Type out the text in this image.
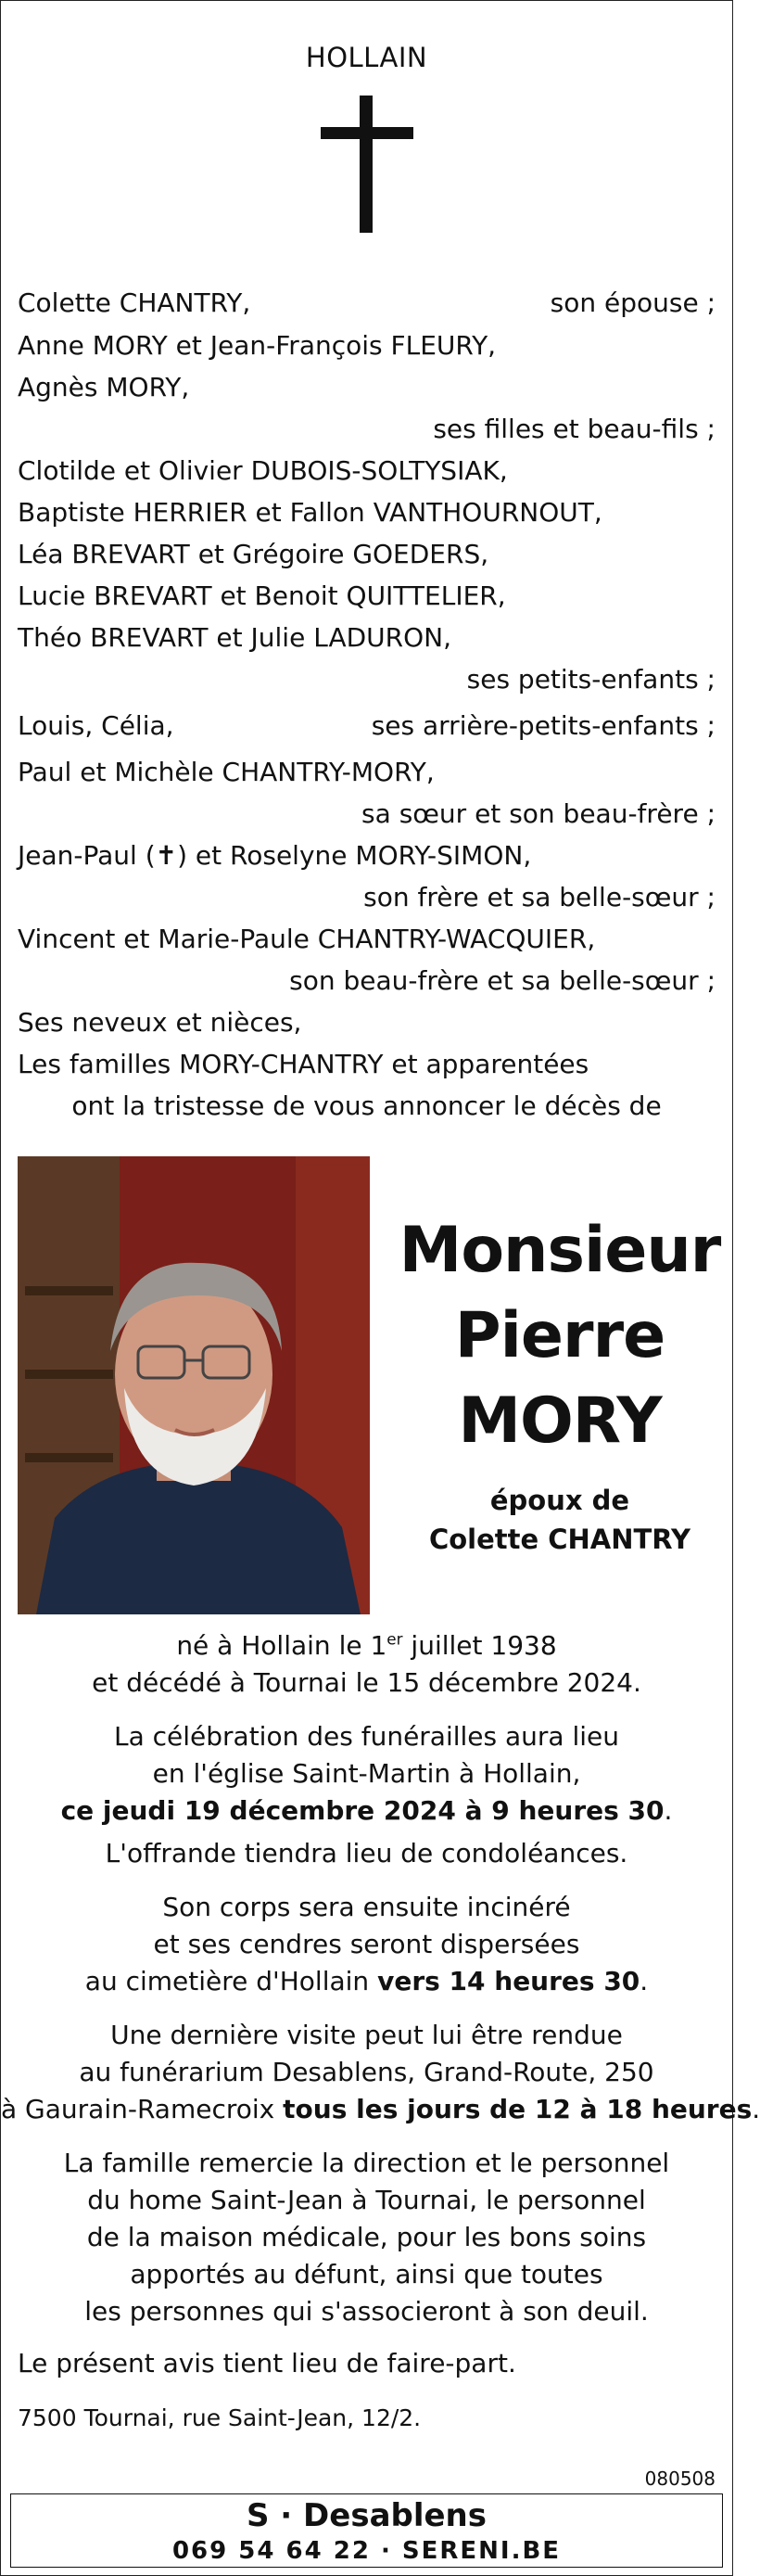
HOLLAIN
Colette CHANTRY,	son épouse ;
Anne MORY et Jean-François FLEURY,
Agnès MORY,
ses filles et beau-fils ;
Clotilde et Olivier DUBOIS-SOLTYSIAK,
Baptiste HERRIER et Fallon VANTHOURNOUT,
Léa BREVART et Grégoire GOEDERS,
Lucie BREVART et Benoit QUITTELIER,
Théo BREVART et Julie LADURON,
ses petits-enfants ;
Louis, Célia,	ses arrière-petits-enfants ;
Paul et Michèle CHANTRY-MORY,
sa sœur et son beau-frère ;
Jean-Paul (✝) et Roselyne MORY-SIMON,
son frère et sa belle-sœur ;
Vincent et Marie-Paule CHANTRY-WACQUIER,
son beau-frère et sa belle-sœur ;
Ses neveux et nièces,
Les familles MORY-CHANTRY et apparentées
ont la tristesse de vous annoncer le décès de
Monsieur
Pierre
MORY
époux de
Colette CHANTRY
né à Hollain le 1er juillet 1938
et décédé à Tournai le 15 décembre 2024.
La célébration des funérailles aura lieu
en l'église Saint-Martin à Hollain,
ce jeudi 19 décembre 2024 à 9 heures 30.
L'offrande tiendra lieu de condoléances.
Son corps sera ensuite incinéré
et ses cendres seront dispersées
au cimetière d'Hollain vers 14 heures 30.
Une dernière visite peut lui être rendue
au funérarium Desablens, Grand-Route, 250
à Gaurain-Ramecroix tous les jours de 12 à 18 heures.
La famille remercie la direction et le personnel
du home Saint-Jean à Tournai, le personnel
de la maison médicale, pour les bons soins
apportés au défunt, ainsi que toutes
les personnes qui s'associeront à son deuil.
Le présent avis tient lieu de faire-part.
7500 Tournai, rue Saint-Jean, 12/2.
080508
S · Desablens
069 54 64 22 · SERENI.BE
